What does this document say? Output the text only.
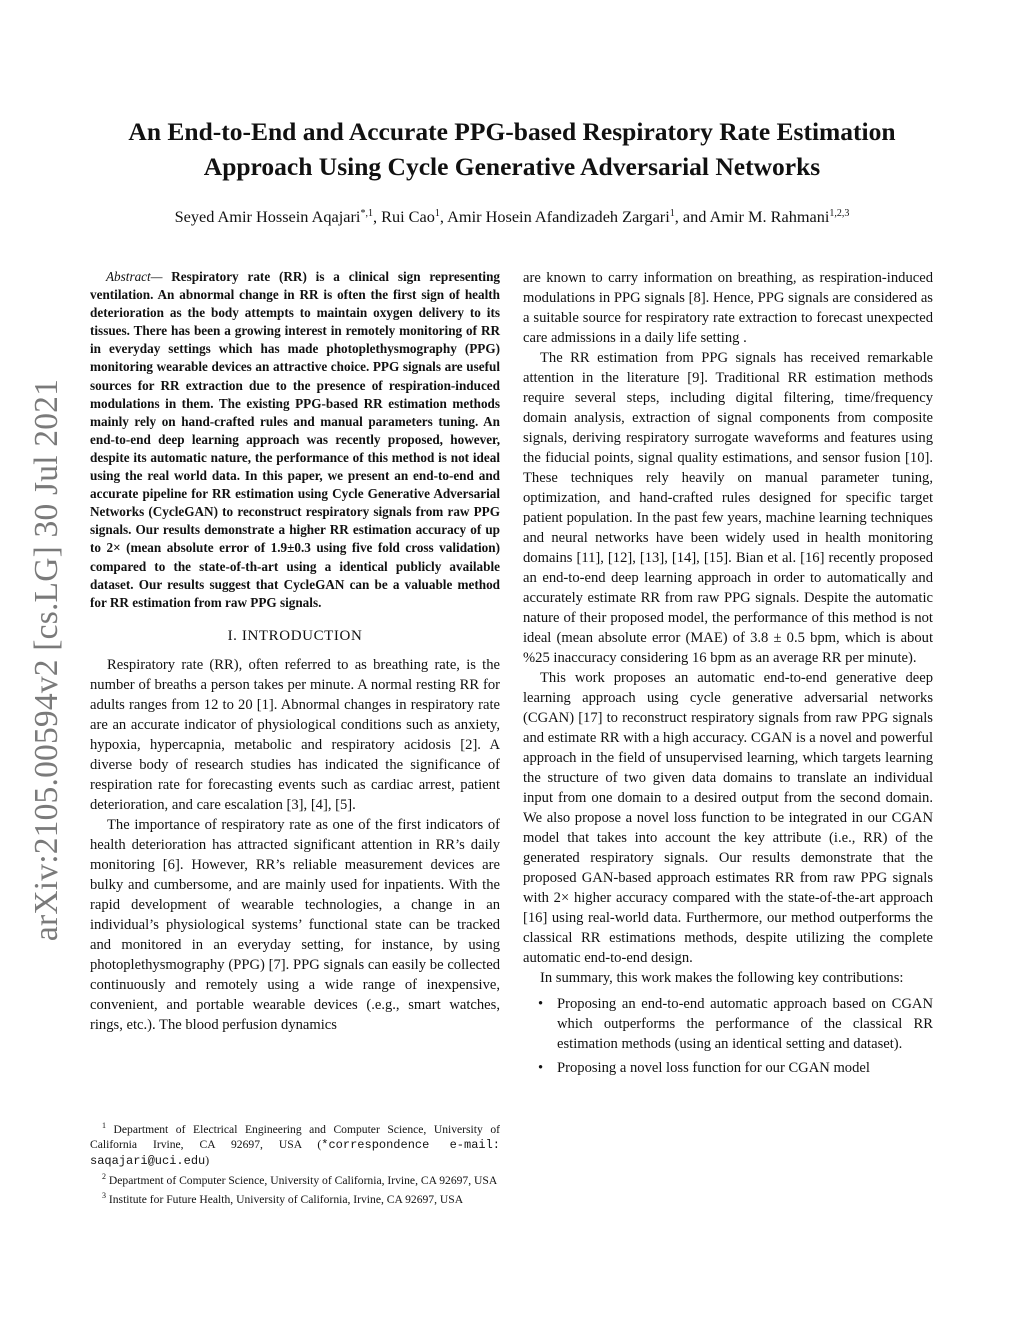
An End-to-End and Accurate PPG-based Respiratory Rate Estimation
Approach Using Cycle Generative Adversarial Networks
Seyed Amir Hossein Aqajari$^{*,1}$, Rui Cao$^1$, Amir Hosein Afandizadeh Zargari$^1$, and Amir M. Rahmani$^{1,2,3}$
arXiv:2105.00594v2 [cs.LG] 30 Jul 2021

Abstract— Respiratory rate (RR) is a clinical sign representing ventilation. An abnormal change in RR is often the first sign of health deterioration as the body attempts to maintain oxygen delivery to its tissues. There has been a growing interest in remotely monitoring of RR in everyday settings which has made photoplethysmography (PPG) monitoring wearable devices an attractive choice. PPG signals are useful sources for RR extraction due to the presence of respiration-induced modulations in them. The existing PPG-based RR estimation methods mainly rely on hand-crafted rules and manual parameters tuning. An end-to-end deep learning approach was recently proposed, however, despite its automatic nature, the performance of this method is not ideal using the real world data. In this paper, we present an end-to-end and accurate pipeline for RR estimation using Cycle Generative Adversarial Networks (CycleGAN) to reconstruct respiratory signals from raw PPG signals. Our results demonstrate a higher RR estimation accuracy of up to 2× (mean absolute error of 1.9±0.3 using five fold cross validation) compared to the state-of-th-art using a identical publicly available dataset. Our results suggest that CycleGAN can be a valuable method for RR estimation from raw PPG signals.

I. INTRODUCTION

Respiratory rate (RR), often referred to as breathing rate, is the number of breaths a person takes per minute. A normal resting RR for adults ranges from 12 to 20 [1]. Abnormal changes in respiratory rate are an accurate indicator of physiological conditions such as anxiety, hypoxia, hypercapnia, metabolic and respiratory acidosis [2]. A diverse body of research studies has indicated the significance of respiration rate for forecasting events such as cardiac arrest, patient deterioration, and care escalation [3], [4], [5].

The importance of respiratory rate as one of the first indicators of health deterioration has attracted significant attention in RR’s daily monitoring [6]. However, RR’s reliable measurement devices are bulky and cumbersome, and are mainly used for inpatients. With the rapid development of wearable technologies, a change in an individual’s physiological systems’ functional state can be tracked and monitored in an everyday setting, for instance, by using photoplethysmography (PPG) [7]. PPG signals can easily be collected continuously and remotely using a wide range of inexpensive, convenient, and portable wearable devices (.e.g., smart watches, rings, etc.). The blood perfusion dynamics

$^1$ Department of Electrical Engineering and Computer Science, University of California Irvine, CA 92697, USA (*correspondence e-mail: saqajari@uci.edu)

$^2$ Department of Computer Science, University of California, Irvine, CA 92697, USA

$^3$ Institute for Future Health, University of California, Irvine, CA 92697, USA

are known to carry information on breathing, as respiration-induced modulations in PPG signals [8]. Hence, PPG signals are considered as a suitable source for respiratory rate extraction to forecast unexpected care admissions in a daily life setting .

The RR estimation from PPG signals has received remarkable attention in the literature [9]. Traditional RR estimation methods require several steps, including digital filtering, time/frequency domain analysis, extraction of signal components from composite signals, deriving respiratory surrogate waveforms and features using the fiducial points, signal quality estimations, and sensor fusion [10]. These techniques rely heavily on manual parameter tuning, optimization, and hand-crafted rules designed for specific target patient population. In the past few years, machine learning techniques and neural networks have been widely used in health monitoring domains [11], [12], [13], [14], [15]. Bian et al. [16] recently proposed an end-to-end deep learning approach in order to automatically and accurately estimate RR from raw PPG signals. Despite the automatic nature of their proposed model, the performance of this method is not ideal (mean absolute error (MAE) of 3.8 ± 0.5 bpm, which is about %25 inaccuracy considering 16 bpm as an average RR per minute).

This work proposes an automatic end-to-end generative deep learning approach using cycle generative adversarial networks (CGAN) [17] to reconstruct respiratory signals from raw PPG signals and estimate RR with a high accuracy. CGAN is a novel and powerful approach in the field of unsupervised learning, which targets learning the structure of two given data domains to translate an individual input from one domain to a desired output from the second domain. We also propose a novel loss function to be integrated in our CGAN model that takes into account the key attribute (i.e., RR) of the generated respiratory signals. Our results demonstrate that the proposed GAN-based approach estimates RR from raw PPG signals with 2× higher accuracy compared with the state-of-the-art approach [16] using real-world data. Furthermore, our method outperforms the classical RR estimations methods, despite utilizing the complete automatic end-to-end design.

In summary, this work makes the following key contributions:

• Proposing an end-to-end automatic approach based on CGAN which outperforms the performance of the classical RR estimation methods (using an identical setting and dataset).
• Proposing a novel loss function for our CGAN model
